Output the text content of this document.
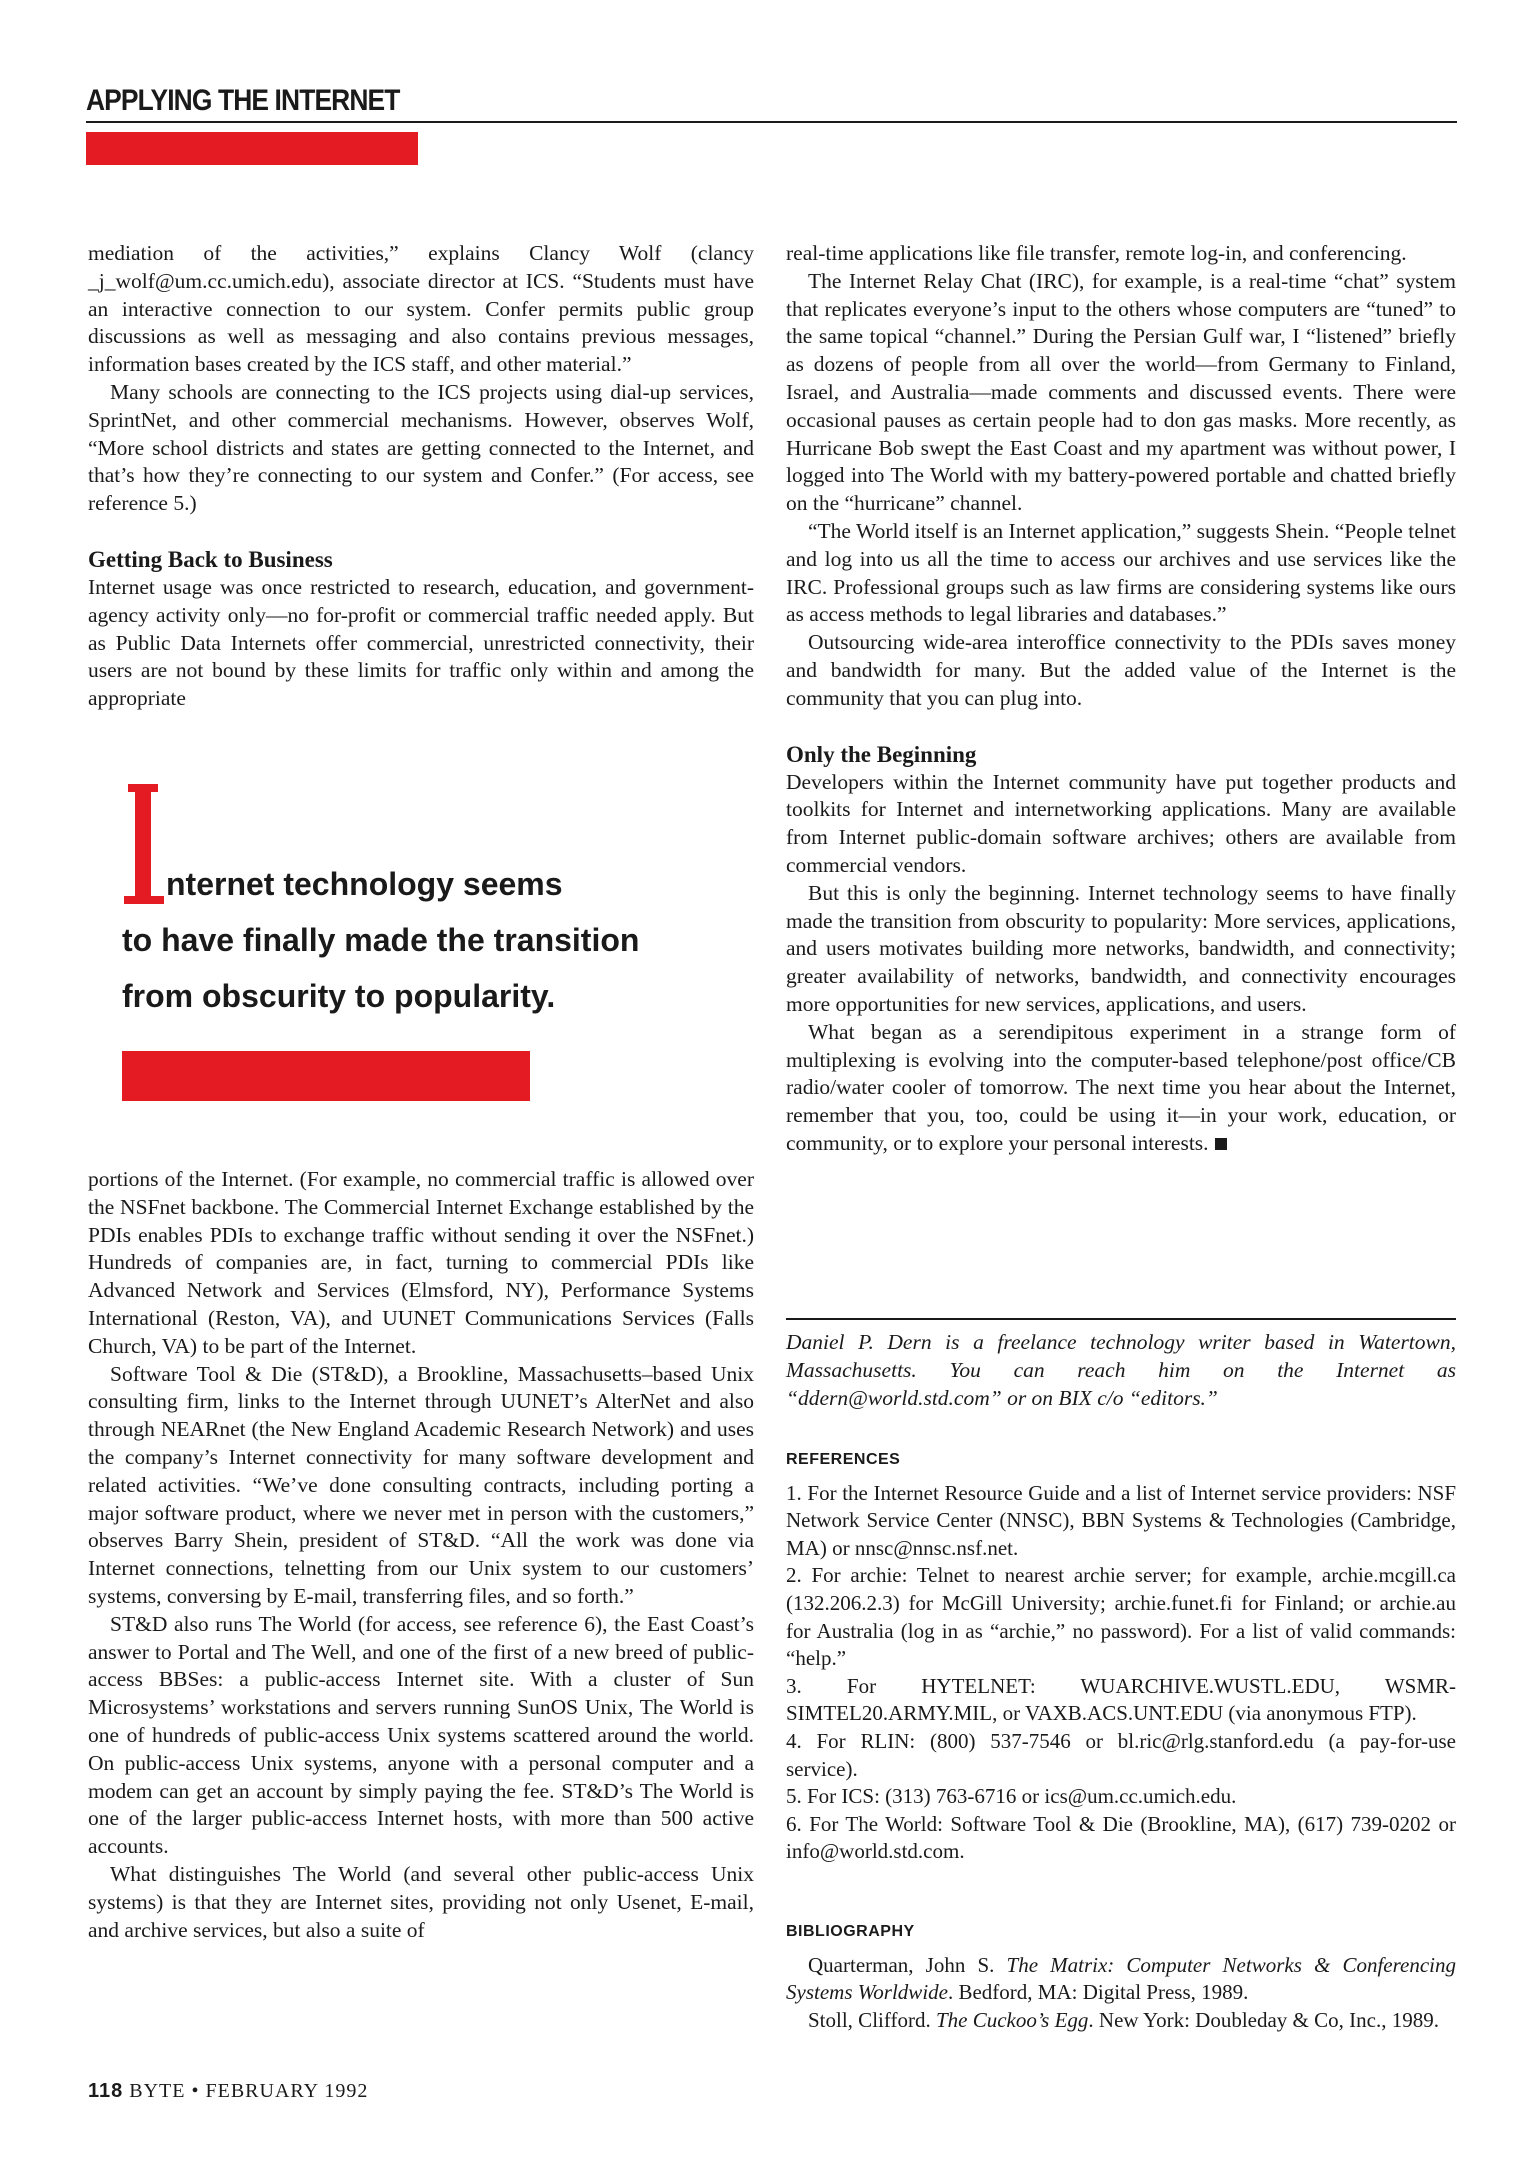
APPLYING THE INTERNET

mediation of the activities,” explains Clancy Wolf (clancy _j_wolf@um.cc.umich.edu), associate director at ICS. “Students must have an interactive connection to our system. Confer permits public group discussions as well as messaging and also contains previous messages, information bases created by the ICS staff, and other material.”

Many schools are connecting to the ICS projects using dial-up services, SprintNet, and other commercial mechanisms. However, observes Wolf, “More school districts and states are getting connected to the Internet, and that’s how they’re connecting to our system and Confer.” (For access, see reference 5.)

Getting Back to Business

Internet usage was once restricted to research, education, and government-agency activity only—no for-profit or commercial traffic needed apply. But as Public Data Internets offer commercial, unrestricted connectivity, their users are not bound by these limits for traffic only within and among the appropriate

I
nternet technology seems
to have finally made the transition
from obscurity to popularity.

portions of the Internet. (For example, no commercial traffic is allowed over the NSFnet backbone. The Commercial Internet Exchange established by the PDIs enables PDIs to exchange traffic without sending it over the NSFnet.) Hundreds of companies are, in fact, turning to commercial PDIs like Advanced Network and Services (Elmsford, NY), Performance Systems International (Reston, VA), and UUNET Communications Services (Falls Church, VA) to be part of the Internet.

Software Tool & Die (ST&D), a Brookline, Massachusetts–based Unix consulting firm, links to the Internet through UUNET’s AlterNet and also through NEARnet (the New England Academic Research Network) and uses the company’s Internet connectivity for many software development and related activities. “We’ve done consulting contracts, including porting a major software product, where we never met in person with the customers,” observes Barry Shein, president of ST&D. “All the work was done via Internet connections, telnetting from our Unix system to our customers’ systems, conversing by E-mail, transferring files, and so forth.”

ST&D also runs The World (for access, see reference 6), the East Coast’s answer to Portal and The Well, and one of the first of a new breed of public-access BBSes: a public-access Internet site. With a cluster of Sun Microsystems’ workstations and servers running SunOS Unix, The World is one of hundreds of public-access Unix systems scattered around the world. On public-access Unix systems, anyone with a personal computer and a modem can get an account by simply paying the fee. ST&D’s The World is one of the larger public-access Internet hosts, with more than 500 active accounts.

What distinguishes The World (and several other public-access Unix systems) is that they are Internet sites, providing not only Usenet, E-mail, and archive services, but also a suite of

real-time applications like file transfer, remote log-in, and conferencing.

The Internet Relay Chat (IRC), for example, is a real-time “chat” system that replicates everyone’s input to the others whose computers are “tuned” to the same topical “channel.” During the Persian Gulf war, I “listened” briefly as dozens of people from all over the world—from Germany to Finland, Israel, and Australia—made comments and discussed events. There were occasional pauses as certain people had to don gas masks. More recently, as Hurricane Bob swept the East Coast and my apartment was without power, I logged into The World with my battery-powered portable and chatted briefly on the “hurricane” channel.

“The World itself is an Internet application,” suggests Shein. “People telnet and log into us all the time to access our archives and use services like the IRC. Professional groups such as law firms are considering systems like ours as access methods to legal libraries and databases.”

Outsourcing wide-area interoffice connectivity to the PDIs saves money and bandwidth for many. But the added value of the Internet is the community that you can plug into.

Only the Beginning

Developers within the Internet community have put together products and toolkits for Internet and internetworking applications. Many are available from Internet public-domain software archives; others are available from commercial vendors.

But this is only the beginning. Internet technology seems to have finally made the transition from obscurity to popularity: More services, applications, and users motivates building more networks, bandwidth, and connectivity; greater availability of networks, bandwidth, and connectivity encourages more opportunities for new services, applications, and users.

What began as a serendipitous experiment in a strange form of multiplexing is evolving into the computer-based telephone/post office/CB radio/water cooler of tomorrow. The next time you hear about the Internet, remember that you, too, could be using it—in your work, education, or community, or to explore your personal interests.

Daniel P. Dern is a freelance technology writer based in Watertown, Massachusetts. You can reach him on the Internet as “ddern@world.std.com” or on BIX c/o “editors.”
REFERENCES

1. For the Internet Resource Guide and a list of Internet service providers: NSF Network Service Center (NNSC), BBN Systems & Technologies (Cambridge, MA) or nnsc@nnsc.nsf.net.

2. For archie: Telnet to nearest archie server; for example, archie.mcgill.ca (132.206.2.3) for McGill University; archie.funet.fi for Finland; or archie.au for Australia (log in as “archie,” no password). For a list of valid commands: “help.”

3. For HYTELNET: WUARCHIVE.WUSTL.EDU, WSMR-SIMTEL20.ARMY.MIL, or VAXB.ACS.UNT.EDU (via anonymous FTP).

4. For RLIN: (800) 537-7546 or bl.ric@rlg.stanford.edu (a pay-for-use service).

5. For ICS: (313) 763-6716 or ics@um.cc.umich.edu.

6. For The World: Software Tool & Die (Brookline, MA), (617) 739-0202 or info@world.std.com.

BIBLIOGRAPHY

Quarterman, John S. The Matrix: Computer Networks & Conferencing Systems Worldwide. Bedford, MA: Digital Press, 1989.

Stoll, Clifford. The Cuckoo’s Egg. New York: Doubleday & Co, Inc., 1989.

118 BYTE • FEBRUARY 1992
